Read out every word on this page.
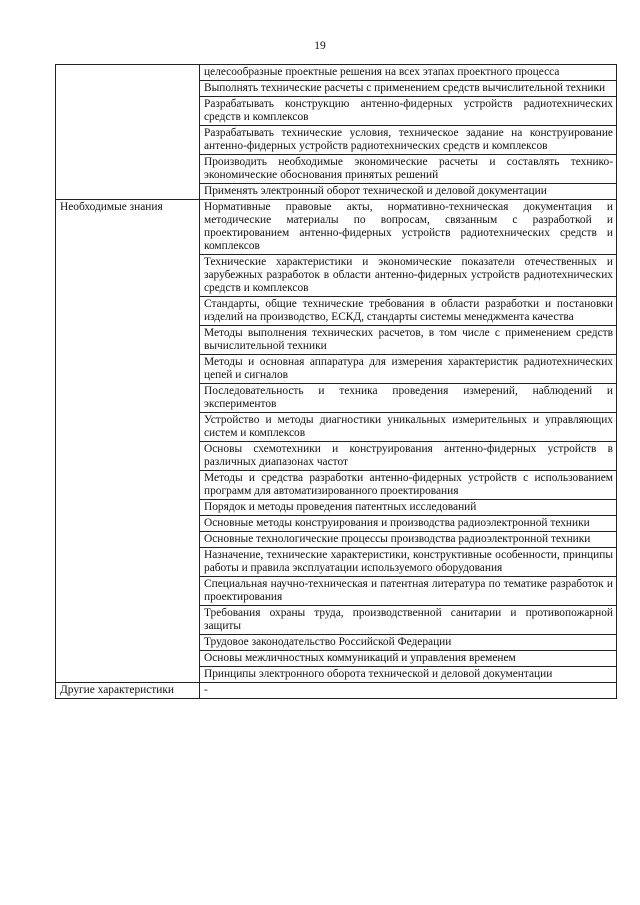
19
	целесообразные проектные решения на всех этапах проектного процесса
	Выполнять технические расчеты с применением средств вычислительной техники
	Разрабатывать конструкцию антенно-фидерных устройств радиотехнических средств и комплексов
	Разрабатывать технические условия, техническое задание на конструирование антенно-фидерных устройств радиотехнических средств и комплексов
	Производить необходимые экономические расчеты и составлять технико-экономические обоснования принятых решений
	Применять электронный оборот технической и деловой документации
Необходимые знания	Нормативные правовые акты, нормативно-техническая документация и методические материалы по вопросам, связанным с разработкой и проектированием антенно-фидерных устройств радиотехнических средств и комплексов
	Технические характеристики и экономические показатели отечественных и зарубежных разработок в области антенно-фидерных устройств радиотехнических средств и комплексов
	Стандарты, общие технические требования в области разработки и постановки изделий на производство, ЕСКД, стандарты системы менеджмента качества
	Методы выполнения технических расчетов, в том числе с применением средств вычислительной техники
	Методы и основная аппаратура для измерения характеристик радиотехнических цепей и сигналов
	Последовательность и техника проведения измерений, наблюдений и экспериментов
	Устройство и методы диагностики уникальных измерительных и управляющих систем и комплексов
	Основы схемотехники и конструирования антенно-фидерных устройств в различных диапазонах частот
	Методы и средства разработки антенно-фидерных устройств с использованием программ для автоматизированного проектирования
	Порядок и методы проведения патентных исследований
	Основные методы конструирования и производства радиоэлектронной техники
	Основные технологические процессы производства радиоэлектронной техники
	Назначение, технические характеристики, конструктивные особенности, принципы работы и правила эксплуатации используемого оборудования
	Специальная научно-техническая и патентная литература по тематике разработок и проектирования
	Требования охраны труда, производственной санитарии и противопожарной защиты
	Трудовое законодательство Российской Федерации
	Основы межличностных коммуникаций и управления временем
	Принципы электронного оборота технической и деловой документации
Другие характеристики	-
